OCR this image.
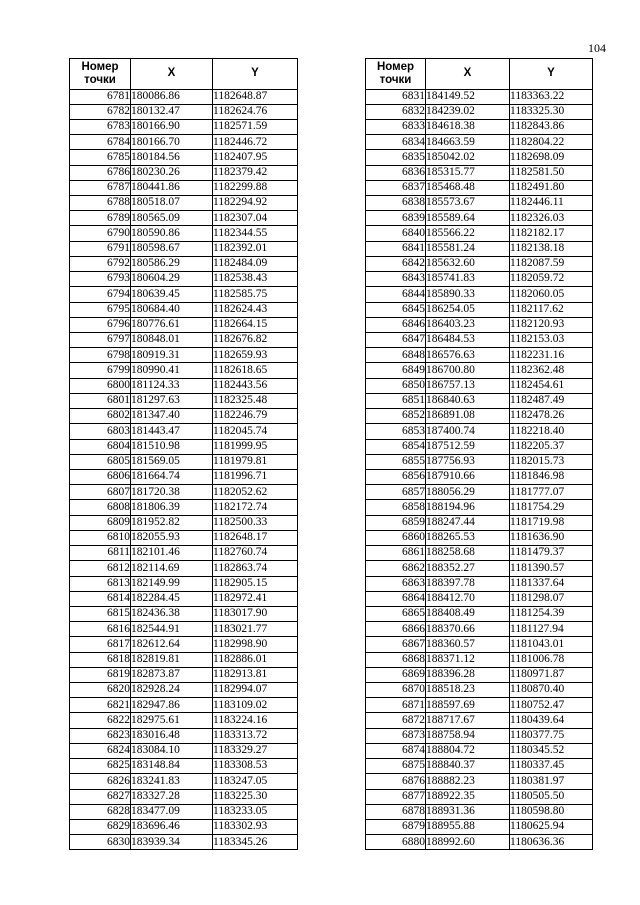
104
Номер точки	X	Y
6781	180086.86	1182648.87
6782	180132.47	1182624.76
6783	180166.90	1182571.59
6784	180166.70	1182446.72
6785	180184.56	1182407.95
6786	180230.26	1182379.42
6787	180441.86	1182299.88
6788	180518.07	1182294.92
6789	180565.09	1182307.04
6790	180590.86	1182344.55
6791	180598.67	1182392.01
6792	180586.29	1182484.09
6793	180604.29	1182538.43
6794	180639.45	1182585.75
6795	180684.40	1182624.43
6796	180776.61	1182664.15
6797	180848.01	1182676.82
6798	180919.31	1182659.93
6799	180990.41	1182618.65
6800	181124.33	1182443.56
6801	181297.63	1182325.48
6802	181347.40	1182246.79
6803	181443.47	1182045.74
6804	181510.98	1181999.95
6805	181569.05	1181979.81
6806	181664.74	1181996.71
6807	181720.38	1182052.62
6808	181806.39	1182172.74
6809	181952.82	1182500.33
6810	182055.93	1182648.17
6811	182101.46	1182760.74
6812	182114.69	1182863.74
6813	182149.99	1182905.15
6814	182284.45	1182972.41
6815	182436.38	1183017.90
6816	182544.91	1183021.77
6817	182612.64	1182998.90
6818	182819.81	1182886.01
6819	182873.87	1182913.81
6820	182928.24	1182994.07
6821	182947.86	1183109.02
6822	182975.61	1183224.16
6823	183016.48	1183313.72
6824	183084.10	1183329.27
6825	183148.84	1183308.53
6826	183241.83	1183247.05
6827	183327.28	1183225.30
6828	183477.09	1183233.05
6829	183696.46	1183302.93
6830	183939.34	1183345.26
Номер точки	X	Y
6831	184149.52	1183363.22
6832	184239.02	1183325.30
6833	184618.38	1182843.86
6834	184663.59	1182804.22
6835	185042.02	1182698.09
6836	185315.77	1182581.50
6837	185468.48	1182491.80
6838	185573.67	1182446.11
6839	185589.64	1182326.03
6840	185566.22	1182182.17
6841	185581.24	1182138.18
6842	185632.60	1182087.59
6843	185741.83	1182059.72
6844	185890.33	1182060.05
6845	186254.05	1182117.62
6846	186403.23	1182120.93
6847	186484.53	1182153.03
6848	186576.63	1182231.16
6849	186700.80	1182362.48
6850	186757.13	1182454.61
6851	186840.63	1182487.49
6852	186891.08	1182478.26
6853	187400.74	1182218.40
6854	187512.59	1182205.37
6855	187756.93	1182015.73
6856	187910.66	1181846.98
6857	188056.29	1181777.07
6858	188194.96	1181754.29
6859	188247.44	1181719.98
6860	188265.53	1181636.90
6861	188258.68	1181479.37
6862	188352.27	1181390.57
6863	188397.78	1181337.64
6864	188412.70	1181298.07
6865	188408.49	1181254.39
6866	188370.66	1181127.94
6867	188360.57	1181043.01
6868	188371.12	1181006.78
6869	188396.28	1180971.87
6870	188518.23	1180870.40
6871	188597.69	1180752.47
6872	188717.67	1180439.64
6873	188758.94	1180377.75
6874	188804.72	1180345.52
6875	188840.37	1180337.45
6876	188882.23	1180381.97
6877	188922.35	1180505.50
6878	188931.36	1180598.80
6879	188955.88	1180625.94
6880	188992.60	1180636.36
